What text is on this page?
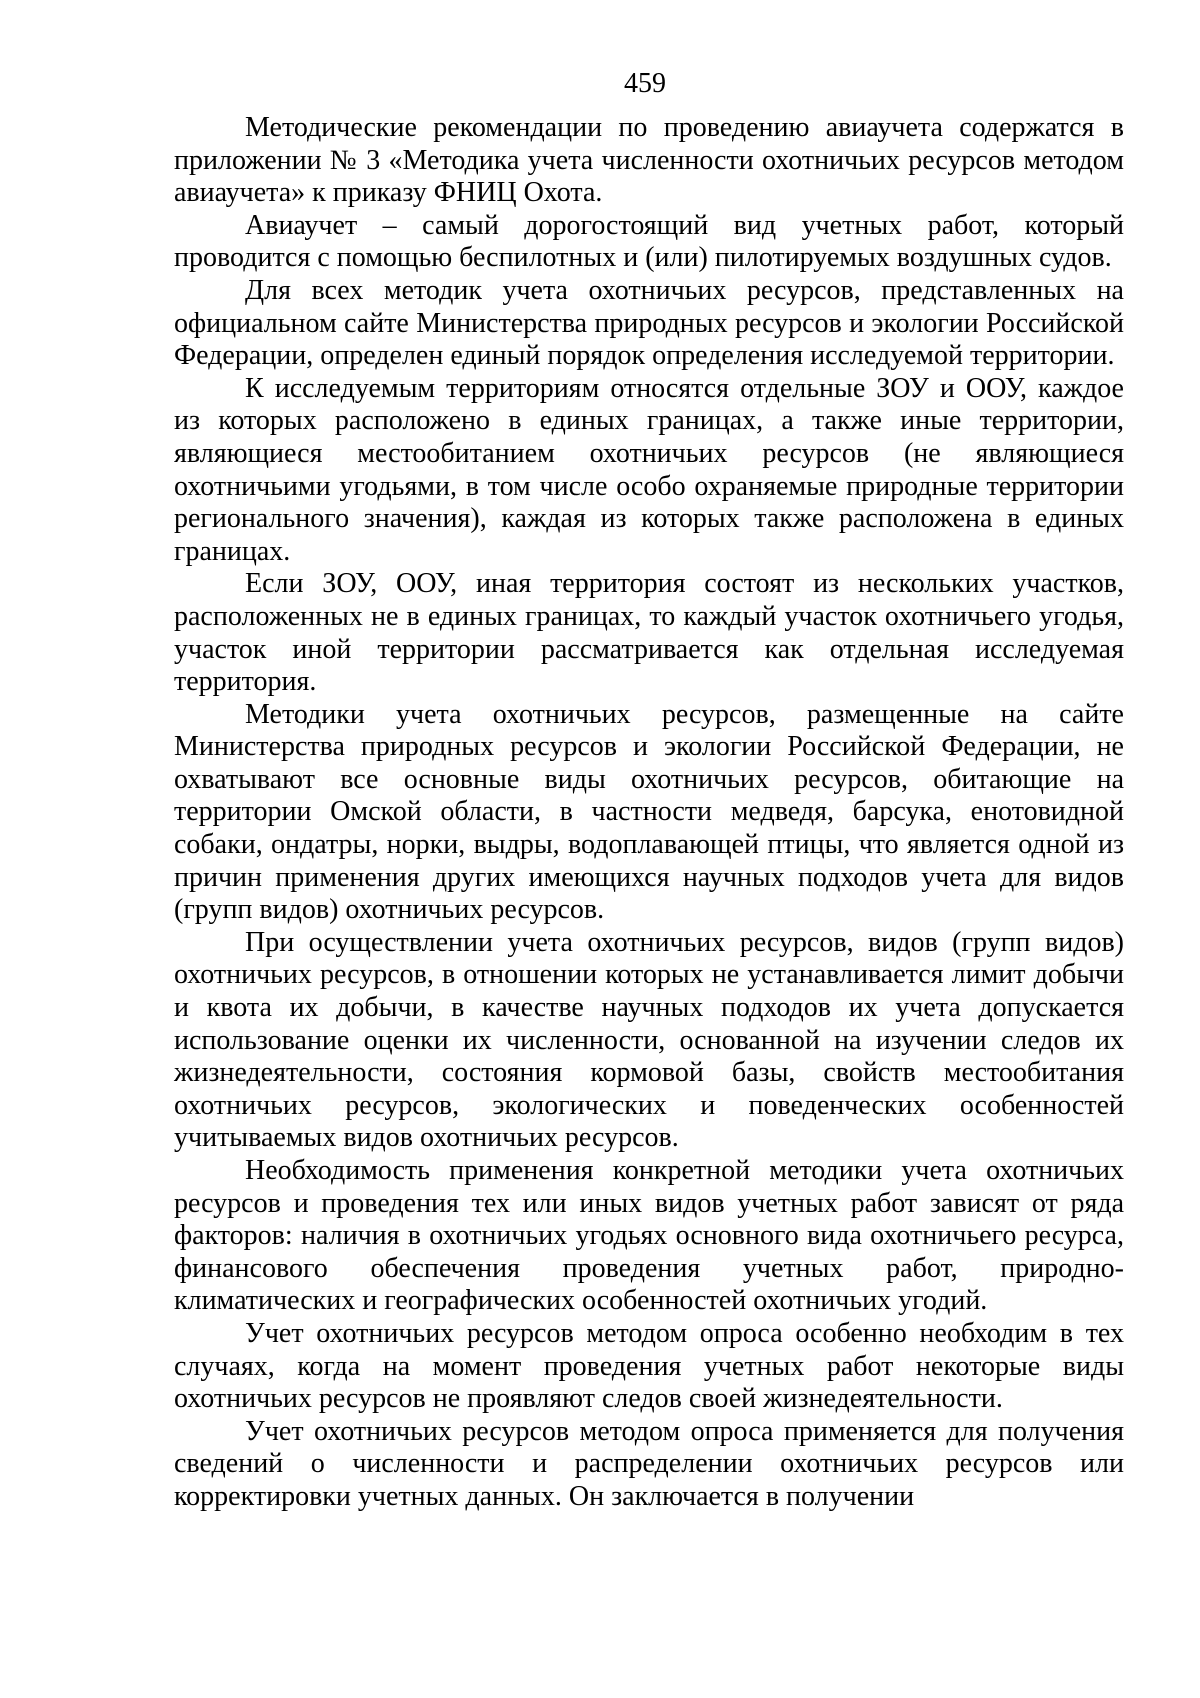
459

Методические рекомендации по проведению авиаучета содержатся в приложении № 3 «Методика учета численности охотничьих ресурсов методом авиаучета» к приказу ФНИЦ Охота.

Авиаучет – самый дорогостоящий вид учетных работ, который проводится с помощью беспилотных и (или) пилотируемых воздушных судов.

Для всех методик учета охотничьих ресурсов, представленных на официальном сайте Министерства природных ресурсов и экологии Российской Федерации, определен единый порядок определения исследуемой территории.

К исследуемым территориям относятся отдельные ЗОУ и ООУ, каждое из которых расположено в единых границах, а также иные территории, являющиеся местообитанием охотничьих ресурсов (не являющиеся охотничьими угодьями, в том числе особо охраняемые природные территории регионального значения), каждая из которых также расположена в единых границах.

Если ЗОУ, ООУ, иная территория состоят из нескольких участков, расположенных не в единых границах, то каждый участок охотничьего угодья, участок иной территории рассматривается как отдельная исследуемая территория.

Методики учета охотничьих ресурсов, размещенные на сайте Министерства природных ресурсов и экологии Российской Федерации, не охватывают все основные виды охотничьих ресурсов, обитающие на территории Омской области, в частности медведя, барсука, енотовидной собаки, ондатры, норки, выдры, водоплавающей птицы, что является одной из причин применения других имеющихся научных подходов учета для видов (групп видов) охотничьих ресурсов.

При осуществлении учета охотничьих ресурсов, видов (групп видов) охотничьих ресурсов, в отношении которых не устанавливается лимит добычи и квота их добычи, в качестве научных подходов их учета допускается использование оценки их численности, основанной на изучении следов их жизнедеятельности, состояния кормовой базы, свойств местообитания охотничьих ресурсов, экологических и поведенческих особенностей учитываемых видов охотничьих ресурсов.

Необходимость применения конкретной методики учета охотничьих ресурсов и проведения тех или иных видов учетных работ зависят от ряда факторов: наличия в охотничьих угодьях основного вида охотничьего ресурса, финансового обеспечения проведения учетных работ, природно-климатических и географических особенностей охотничьих угодий.

Учет охотничьих ресурсов методом опроса особенно необходим в тех случаях, когда на момент проведения учетных работ некоторые виды охотничьих ресурсов не проявляют следов своей жизнедеятельности.

Учет охотничьих ресурсов методом опроса применяется для получения сведений о численности и распределении охотничьих ресурсов или корректировки учетных данных. Он заключается в получении
